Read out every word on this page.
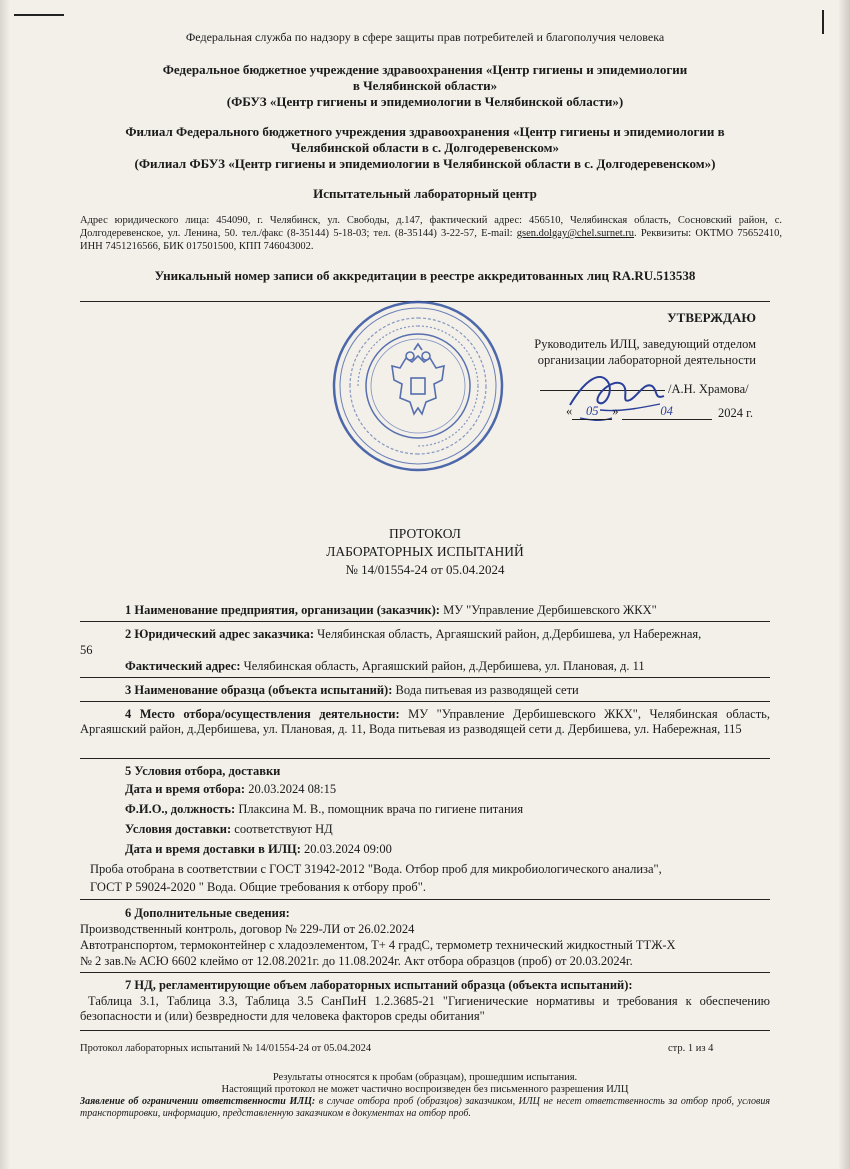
Федеральная служба по надзору в сфере защиты прав потребителей и благополучия человека
Федеральное бюджетное учреждение здравоохранения «Центр гигиены и эпидемиологии
в Челябинской области»
(ФБУЗ «Центр гигиены и эпидемиологии в Челябинской области»)
Филиал Федерального бюджетного учреждения здравоохранения «Центр гигиены и эпидемиологии в
Челябинской области в с. Долгодеревенском»
(Филиал ФБУЗ «Центр гигиены и эпидемиологии в Челябинской области в с. Долгодеревенском»)
Испытательный лабораторный центр
Адрес юридического лица: 454090, г. Челябинск, ул. Свободы, д.147, фактический адрес: 456510, Челябинская область, Сосновский район, с. Долгодеревенское, ул. Ленина, 50. тел./факс (8-35144) 5-18-03; тел. (8-35144) 3-22-57, E-mail: gsen.dolgay@chel.surnet.ru. Реквизиты: ОКТМО 75652410, ИНН 7451216566, БИК 017501500, КПП 746043002.
Уникальный номер записи об аккредитации в реестре аккредитованных лиц RA.RU.513538
УТВЕРЖДАЮ
Руководитель ИЛЦ, заведующий отделом
организации лабораторной деятельности
/А.Н. Храмова/
« 05 »	04	2024 г.
ПРОТОКОЛ
ЛАБОРАТОРНЫХ ИСПЫТАНИЙ
№ 14/01554-24 от 05.04.2024
1 Наименование предприятия, организации (заказчик): МУ "Управление Дербишевского ЖКХ"
2 Юридический адрес заказчика: Челябинская область, Аргаяшский район, д.Дербишева, ул Набережная,
56
Фактический адрес: Челябинская область, Аргаяшский район, д.Дербишева, ул. Плановая, д. 11
3 Наименование образца (объекта испытаний): Вода питьевая из разводящей сети
4 Место отбора/осуществления деятельности: МУ "Управление Дербишевского ЖКХ", Челябинская область, Аргаяшский район, д.Дербишева, ул. Плановая, д. 11, Вода питьевая из разводящей сети д. Дербишева, ул. Набережная, 115
5 Условия отбора, доставки
Дата и время отбора: 20.03.2024 08:15
Ф.И.О., должность: Плаксина М. В., помощник врача по гигиене питания
Условия доставки: соответствуют НД
Дата и время доставки в ИЛЦ: 20.03.2024 09:00
Проба отобрана в соответствии с ГОСТ 31942-2012 "Вода. Отбор проб для микробиологического анализа",
ГОСТ Р 59024-2020 " Вода. Общие требования к отбору проб".
6 Дополнительные сведения:
Производственный контроль, договор № 229-ЛИ от 26.02.2024
Автотранспортом, термоконтейнер с хладоэлементом, Т+ 4 градС, термометр технический жидкостный ТТЖ-Х
№ 2 зав.№ АСЮ 6602 клеймо от 12.08.2021г. до 11.08.2024г. Акт отбора образцов (проб) от 20.03.2024г.
7 НД, регламентирующие объем лабораторных испытаний образца (объекта испытаний):
Таблица 3.1, Таблица 3.3, Таблица 3.5 СанПиН 1.2.3685-21 "Гигиенические нормативы и требования к обеспечению безопасности и (или) безвредности для человека факторов среды обитания"
Протокол лабораторных испытаний № 14/01554-24 от 05.04.2024	стр. 1 из 4
Результаты относятся к пробам (образцам), прошедшим испытания.
Настоящий протокол не может частично воспроизведен без письменного разрешения ИЛЦ
Заявление об ограничении ответственности ИЛЦ: в случае отбора проб (образцов) заказчиком, ИЛЦ не несет ответственность за отбор проб, условия транспортировки, информацию, представленную заказчиком в документах на отбор проб.
